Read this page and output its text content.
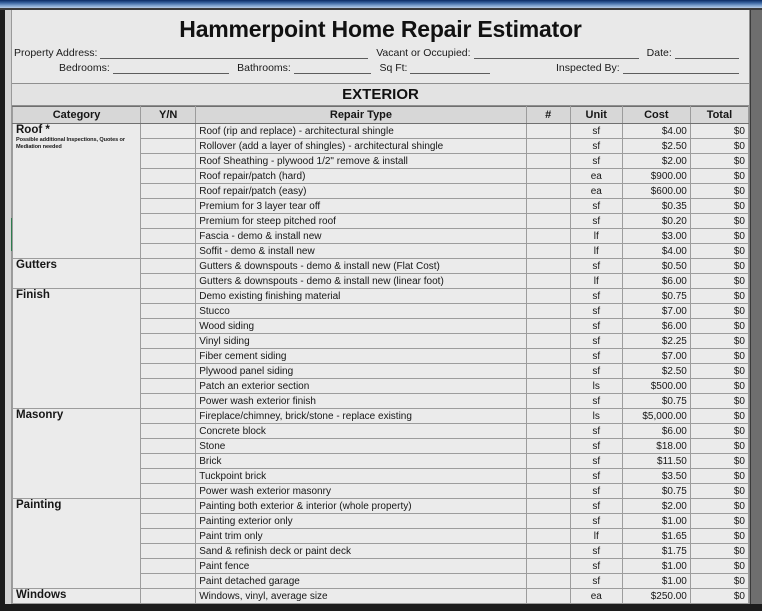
Hammerpoint Home Repair Estimator
Property Address:	Vacant or Occupied:	Date:
Bedrooms:	Bathrooms:	Sq Ft:	Inspected By:
EXTERIOR
Category	Y/N	Repair Type	#	Unit	Cost	Total
Roof *
Possible additional Inspections, Quotes or Mediation needed		Roof (rip and replace) - architectural shingle		sf	$4.00	$0
		Rollover (add a layer of shingles) - architectural shingle		sf	$2.50	$0
		Roof Sheathing - plywood 1/2" remove & install		sf	$2.00	$0
		Roof repair/patch (hard)		ea	$900.00	$0
		Roof repair/patch (easy)		ea	$600.00	$0
		Premium for 3 layer tear off		sf	$0.35	$0
		Premium for steep pitched roof		sf	$0.20	$0
		Fascia - demo & install new		lf	$3.00	$0
		Soffit - demo & install new		lf	$4.00	$0
Gutters		Gutters & downspouts - demo & install new (Flat Cost)		sf	$0.50	$0
		Gutters & downspouts - demo & install new (linear foot)		lf	$6.00	$0
Finish		Demo existing finishing material		sf	$0.75	$0
		Stucco		sf	$7.00	$0
		Wood siding		sf	$6.00	$0
		Vinyl siding		sf	$2.25	$0
		Fiber cement siding		sf	$7.00	$0
		Plywood panel siding		sf	$2.50	$0
		Patch an exterior section		ls	$500.00	$0
		Power wash exterior finish		sf	$0.75	$0
Masonry		Fireplace/chimney, brick/stone - replace existing		ls	$5,000.00	$0
		Concrete block		sf	$6.00	$0
		Stone		sf	$18.00	$0
		Brick		sf	$11.50	$0
		Tuckpoint brick		sf	$3.50	$0
		Power wash exterior masonry		sf	$0.75	$0
Painting		Painting both exterior & interior (whole property)		sf	$2.00	$0
		Painting exterior only		sf	$1.00	$0
		Paint trim only		lf	$1.65	$0
		Sand & refinish deck or paint deck		sf	$1.75	$0
		Paint fence		sf	$1.00	$0
		Paint detached garage		sf	$1.00	$0
Windows		Windows, vinyl, average size		ea	$250.00	$0
